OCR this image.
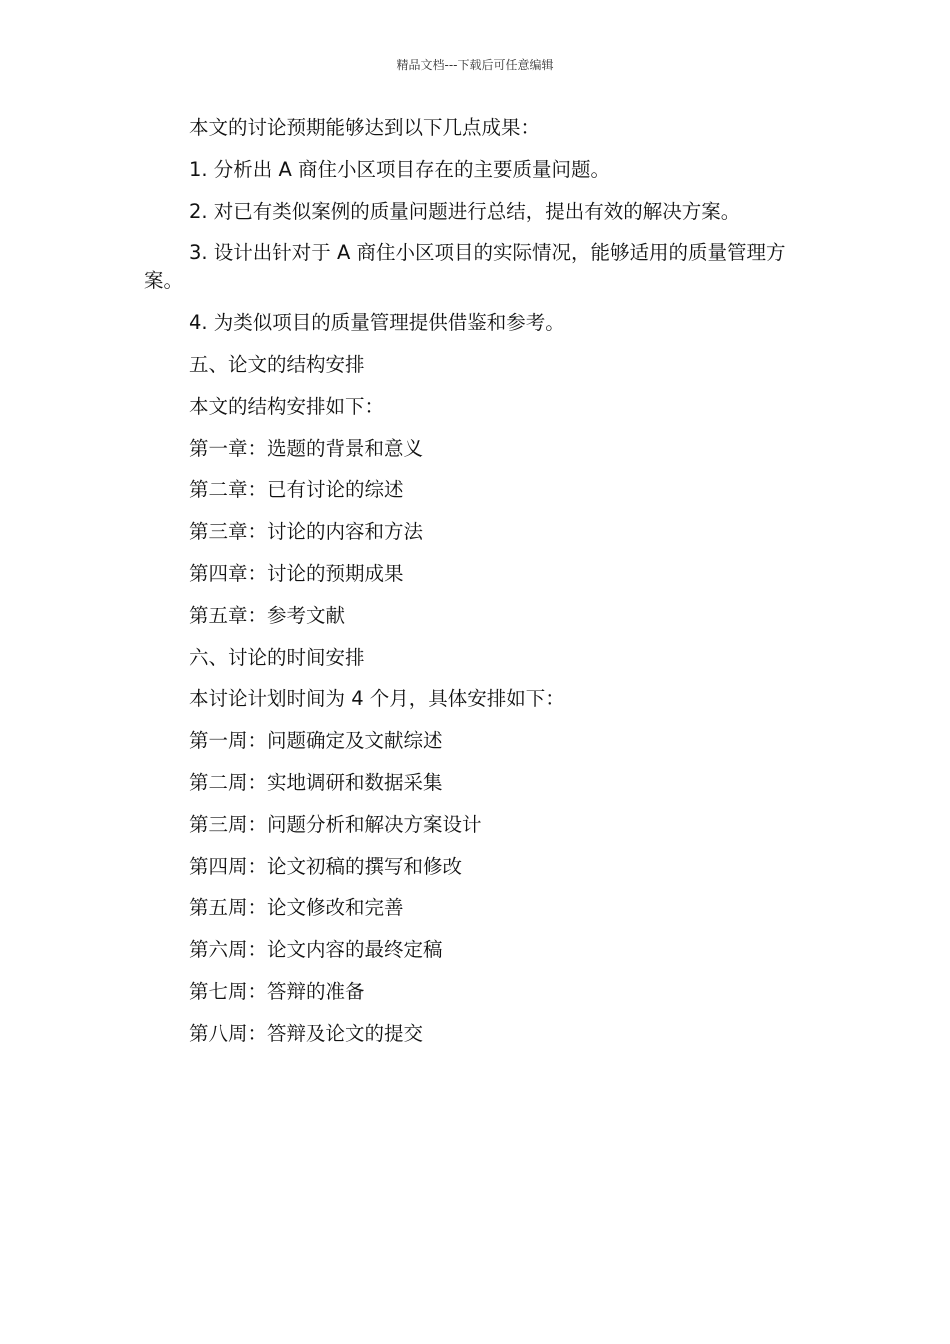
精品文档---下载后可任意编辑

本文的讨论预期能够达到以下几点成果：

1. 分析出 A 商住小区项目存在的主要质量问题。

2. 对已有类似案例的质量问题进行总结，提出有效的解决方案。

3. 设计出针对于 A 商住小区项目的实际情况，能够适用的质量管理方案。

4. 为类似项目的质量管理提供借鉴和参考。

五、论文的结构安排

本文的结构安排如下：

第一章：选题的背景和意义

第二章：已有讨论的综述

第三章：讨论的内容和方法

第四章：讨论的预期成果

第五章：参考文献

六、讨论的时间安排

本讨论计划时间为 4 个月，具体安排如下：

第一周：问题确定及文献综述

第二周：实地调研和数据采集

第三周：问题分析和解决方案设计

第四周：论文初稿的撰写和修改

第五周：论文修改和完善

第六周：论文内容的最终定稿

第七周：答辩的准备

第八周：答辩及论文的提交
